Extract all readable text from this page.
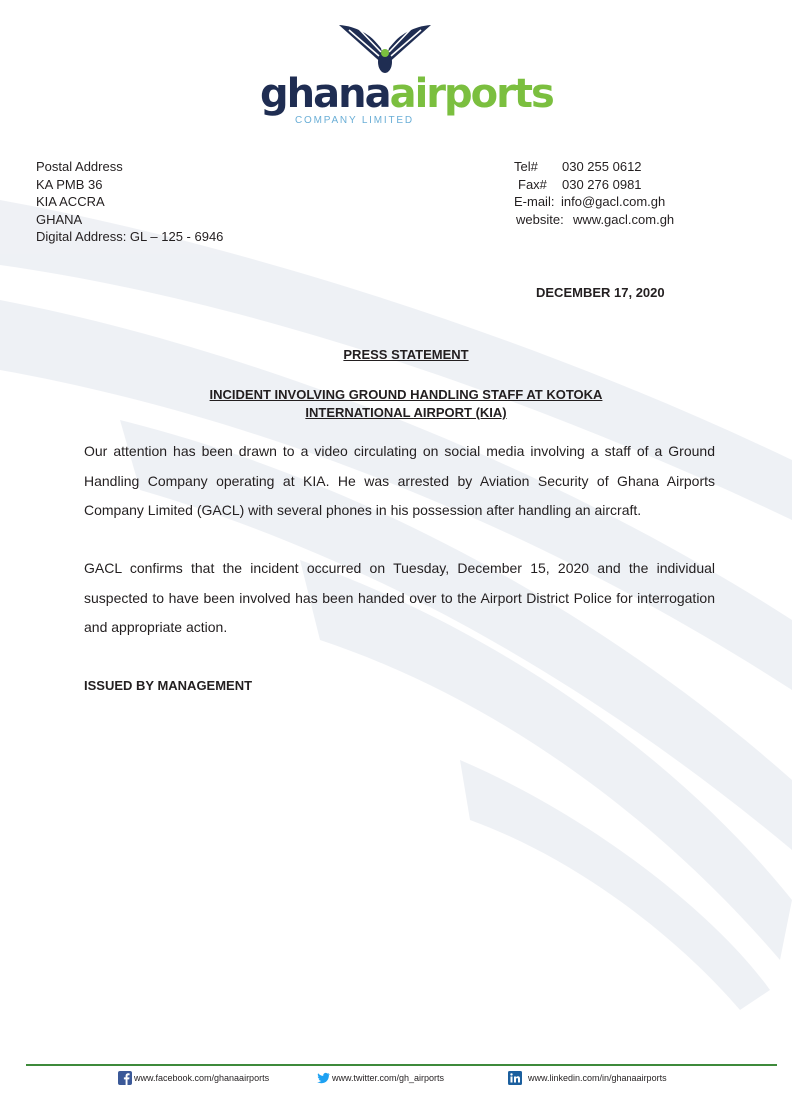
ghanaairports
COMPANY LIMITED
Postal Address
KA PMB 36
KIA ACCRA
GHANA
Digital Address: GL – 125 - 6946
Tel# 030 255 0612
Fax# 030 276 0981
E-mail: info@gacl.com.gh
website: www.gacl.com.gh
DECEMBER 17, 2020
PRESS STATEMENT
INCIDENT INVOLVING GROUND HANDLING STAFF AT KOTOKA
INTERNATIONAL AIRPORT (KIA)
Our attention has been drawn to a video circulating on social media involving a staff of a Ground Handling Company operating at KIA. He was arrested by Aviation Security of Ghana Airports Company Limited (GACL) with several phones in his possession after handling an aircraft.
GACL confirms that the incident occurred on Tuesday, December 15, 2020 and the individual suspected to have been involved has been handed over to the Airport District Police for interrogation and appropriate action.
ISSUED BY MANAGEMENT
www.facebook.com/ghanaairports	www.twitter.com/gh_airports	www.linkedin.com/in/ghanaairports
